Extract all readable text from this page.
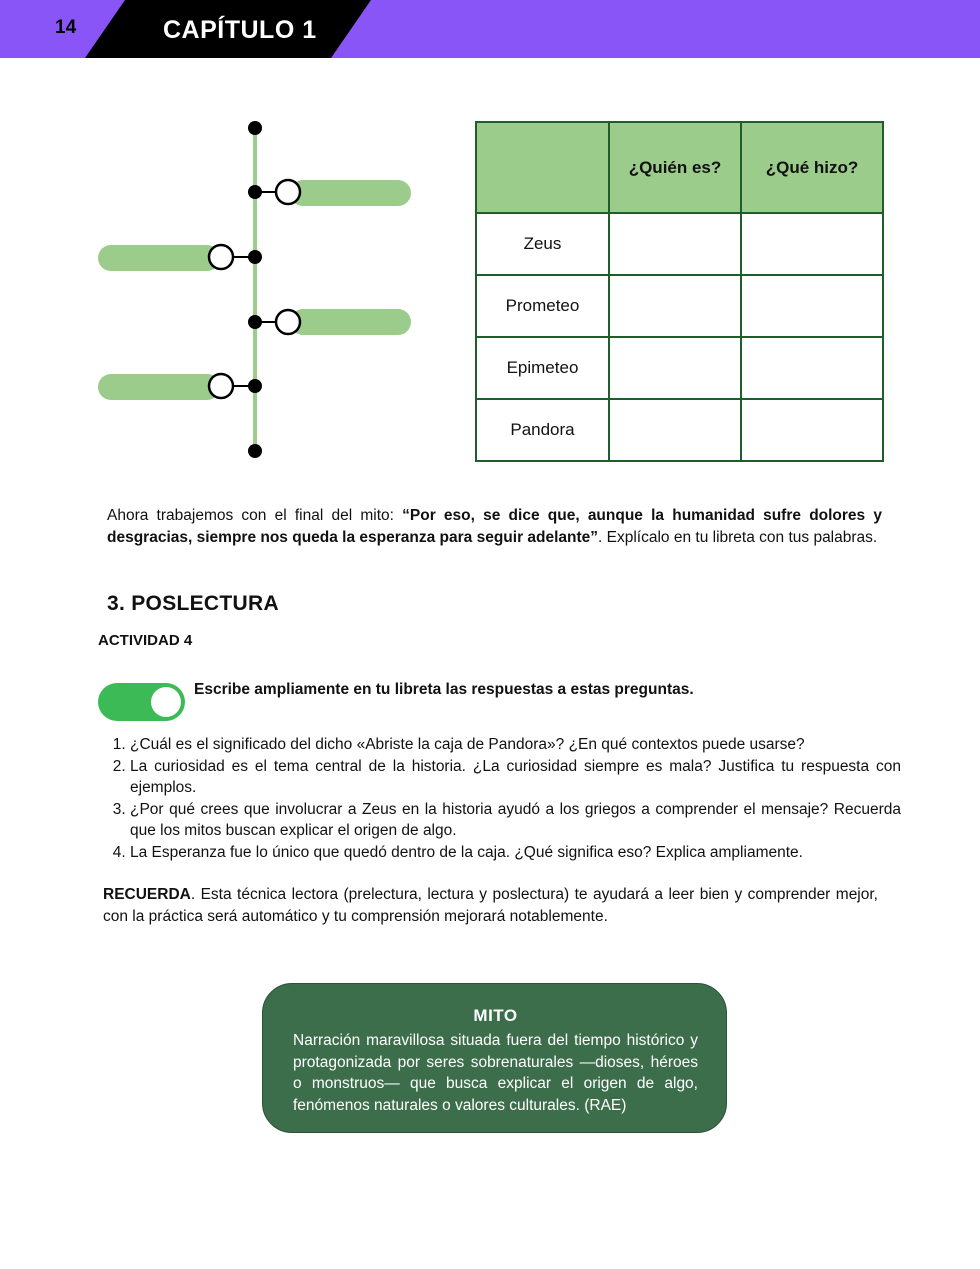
14	CAPÍTULO 1
	¿Quién es?	¿Qué hizo?
Zeus		
Prometeo		
Epimeteo		
Pandora		
Ahora trabajemos con el final del mito: “Por eso, se dice que, aunque la humanidad sufre dolores y desgracias, siempre nos queda la esperanza para seguir adelante”. Explícalo en tu libreta con tus palabras.
3. POSLECTURA
ACTIVIDAD 4
Escribe ampliamente en tu libreta las respuestas a estas preguntas.
1. ¿Cuál es el significado del dicho «Abriste la caja de Pandora»? ¿En qué contextos puede usarse?
2. La curiosidad es el tema central de la historia. ¿La curiosidad siempre es mala? Justifica tu respuesta con ejemplos.
3. ¿Por qué crees que involucrar a Zeus en la historia ayudó a los griegos a comprender el mensaje? Recuerda que los mitos buscan explicar el origen de algo.
4. La Esperanza fue lo único que quedó dentro de la caja. ¿Qué significa eso? Explica ampliamente.
RECUERDA. Esta técnica lectora (prelectura, lectura y poslectura) te ayudará a leer bien y comprender mejor, con la práctica será automático y tu comprensión mejorará notablemente.
MITO
Narración maravillosa situada fuera del tiempo histórico y protagonizada por seres sobrenaturales —dioses, héroes o monstruos— que busca explicar el origen de algo, fenómenos naturales o valores culturales. (RAE)
